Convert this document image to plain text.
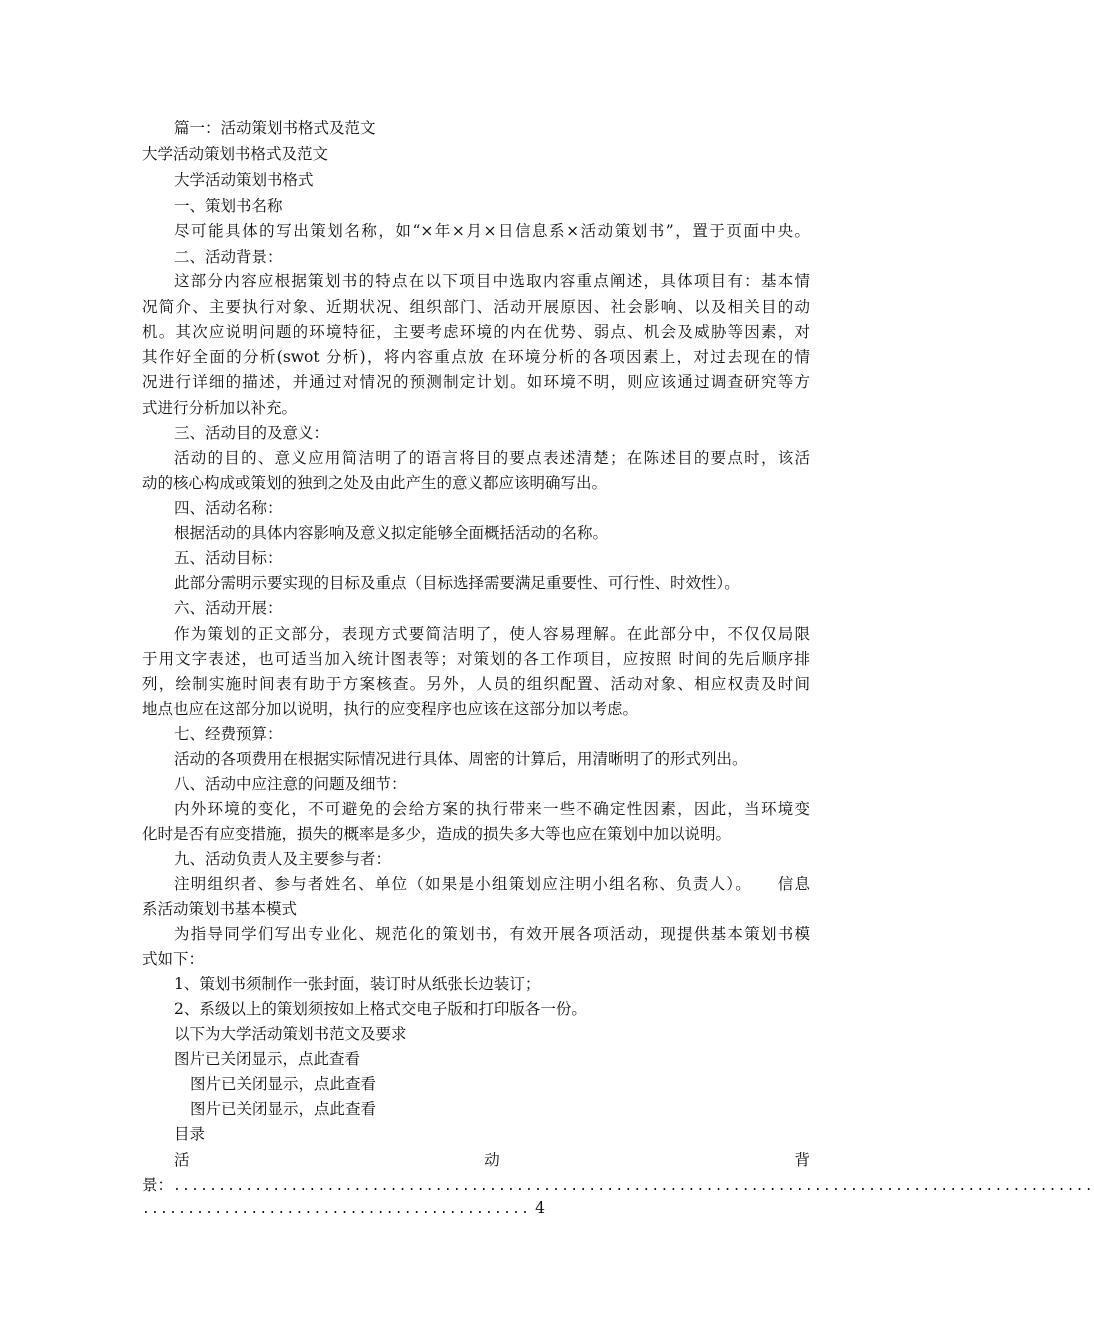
篇一：活动策划书格式及范文
大学活动策划书格式及范文
大学活动策划书格式
一、策划书名称
尽可能具体的写出策划名称，如“×年×月×日信息系×活动策划书”，置于页面中央。
二、活动背景：
这部分内容应根据策划书的特点在以下项目中选取内容重点阐述，具体项目有：基本情
况简介、主要执行对象、近期状况、组织部门、活动开展原因、社会影响、以及相关目的动
机。其次应说明问题的环境特征，主要考虑环境的内在优势、弱点、机会及威胁等因素，对
其作好全面的分析(swot 分析)，将内容重点放 在环境分析的各项因素上，对过去现在的情
况进行详细的描述，并通过对情况的预测制定计划。如环境不明，则应该通过调查研究等方
式进行分析加以补充。
三、活动目的及意义：
活动的目的、意义应用简洁明了的语言将目的要点表述清楚；在陈述目的要点时，该活
动的核心构成或策划的独到之处及由此产生的意义都应该明确写出。
四、活动名称：
根据活动的具体内容影响及意义拟定能够全面概括活动的名称。
五、活动目标：
此部分需明示要实现的目标及重点（目标选择需要满足重要性、可行性、时效性）。
六、活动开展：
作为策划的正文部分，表现方式要简洁明了，使人容易理解。在此部分中，不仅仅局限
于用文字表述，也可适当加入统计图表等；对策划的各工作项目，应按照 时间的先后顺序排
列，绘制实施时间表有助于方案核查。另外，人员的组织配置、活动对象、相应权责及时间
地点也应在这部分加以说明，执行的应变程序也应该在这部分加以考虑。
七、经费预算：
活动的各项费用在根据实际情况进行具体、周密的计算后，用清晰明了的形式列出。
八、活动中应注意的问题及细节：
内外环境的变化，不可避免的会给方案的执行带来一些不确定性因素，因此，当环境变
化时是否有应变措施，损失的概率是多少，造成的损失多大等也应在策划中加以说明。
九、活动负责人及主要参与者：
注明组织者、参与者姓名、单位（如果是小组策划应注明小组名称、负责人）。　　信息
系活动策划书基本模式
为指导同学们写出专业化、规范化的策划书，有效开展各项活动，现提供基本策划书模
式如下：
1、策划书须制作一张封面，装订时从纸张长边装订；
2、系级以上的策划须按如上格式交电子版和打印版各一份。
以下为大学活动策划书范文及要求
图片已关闭显示，点此查看
图片已关闭显示，点此查看
图片已关闭显示，点此查看
目录
活	动	背
景：......................................................................................................
........................................... 4
